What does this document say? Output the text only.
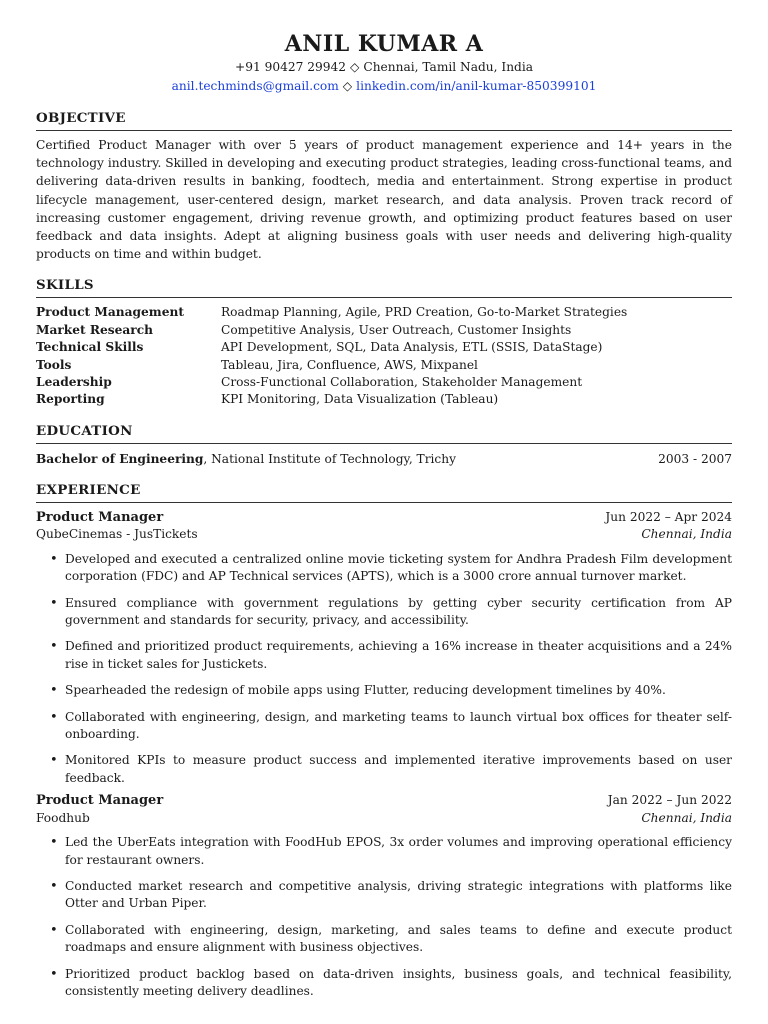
ANIL KUMAR A
+91 90427 29942 ◇ Chennai, Tamil Nadu, India
anil.techminds@gmail.com ◇ linkedin.com/in/anil-kumar-850399101
OBJECTIVE
Certified Product Manager with over 5 years of product management experience and 14+ years in the technology industry. Skilled in developing and executing product strategies, leading cross-functional teams, and delivering data-driven results in banking, foodtech, media and entertainment. Strong expertise in product lifecycle management, user-centered design, market research, and data analysis. Proven track record of increasing customer engagement, driving revenue growth, and optimizing product features based on user feedback and data insights. Adept at aligning business goals with user needs and delivering high-quality products on time and within budget.
SKILLS
Product Management	Roadmap Planning, Agile, PRD Creation, Go-to-Market Strategies
Market Research	Competitive Analysis, User Outreach, Customer Insights
Technical Skills	API Development, SQL, Data Analysis, ETL (SSIS, DataStage)
Tools	Tableau, Jira, Confluence, AWS, Mixpanel
Leadership	Cross-Functional Collaboration, Stakeholder Management
Reporting	KPI Monitoring, Data Visualization (Tableau)
EDUCATION
Bachelor of Engineering, National Institute of Technology, Trichy	2003 - 2007
EXPERIENCE
Product Manager	Jun 2022 – Apr 2024
QubeCinemas - JusTickets	Chennai, India
• Developed and executed a centralized online movie ticketing system for Andhra Pradesh Film development corporation (FDC) and AP Technical services (APTS), which is a 3000 crore annual turnover market.
• Ensured compliance with government regulations by getting cyber security certification from AP government and standards for security, privacy, and accessibility.
• Defined and prioritized product requirements, achieving a 16% increase in theater acquisitions and a 24% rise in ticket sales for Justickets.
• Spearheaded the redesign of mobile apps using Flutter, reducing development timelines by 40%.
• Collaborated with engineering, design, and marketing teams to launch virtual box offices for theater self-onboarding.
• Monitored KPIs to measure product success and implemented iterative improvements based on user feedback.
Product Manager	Jan 2022 – Jun 2022
Foodhub	Chennai, India
• Led the UberEats integration with FoodHub EPOS, 3x order volumes and improving operational efficiency for restaurant owners.
• Conducted market research and competitive analysis, driving strategic integrations with platforms like Otter and Urban Piper.
• Collaborated with engineering, design, marketing, and sales teams to define and execute product roadmaps and ensure alignment with business objectives.
• Prioritized product backlog based on data-driven insights, business goals, and technical feasibility, consistently meeting delivery deadlines.
